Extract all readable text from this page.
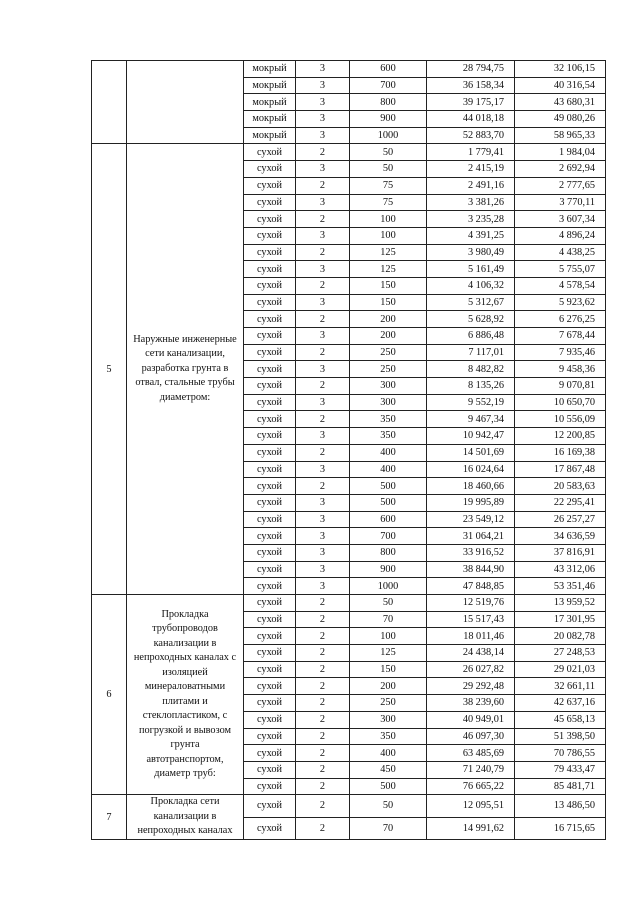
		мокрый	3	600	28 794,75	32 106,15
		мокрый	3	700	36 158,34	40 316,54
		мокрый	3	800	39 175,17	43 680,31
		мокрый	3	900	44 018,18	49 080,26
		мокрый	3	1000	52 883,70	58 965,33
5	Наружные инженерные сети канализации, разработка грунта в отвал, стальные трубы диаметром:	сухой	2	50	1 779,41	1 984,04
		сухой	3	50	2 415,19	2 692,94
		сухой	2	75	2 491,16	2 777,65
		сухой	3	75	3 381,26	3 770,11
		сухой	2	100	3 235,28	3 607,34
		сухой	3	100	4 391,25	4 896,24
		сухой	2	125	3 980,49	4 438,25
		сухой	3	125	5 161,49	5 755,07
		сухой	2	150	4 106,32	4 578,54
		сухой	3	150	5 312,67	5 923,62
		сухой	2	200	5 628,92	6 276,25
		сухой	3	200	6 886,48	7 678,44
		сухой	2	250	7 117,01	7 935,46
		сухой	3	250	8 482,82	9 458,36
		сухой	2	300	8 135,26	9 070,81
		сухой	3	300	9 552,19	10 650,70
		сухой	2	350	9 467,34	10 556,09
		сухой	3	350	10 942,47	12 200,85
		сухой	2	400	14 501,69	16 169,38
		сухой	3	400	16 024,64	17 867,48
		сухой	2	500	18 460,66	20 583,63
		сухой	3	500	19 995,89	22 295,41
		сухой	3	600	23 549,12	26 257,27
		сухой	3	700	31 064,21	34 636,59
		сухой	3	800	33 916,52	37 816,91
		сухой	3	900	38 844,90	43 312,06
		сухой	3	1000	47 848,85	53 351,46
6	Прокладка трубопроводов канализации в непроходных каналах с изоляцией минераловатными плитами и стеклопластиком, с погрузкой и вывозом грунта автотранспортом, диаметр труб:	сухой	2	50	12 519,76	13 959,52
		сухой	2	70	15 517,43	17 301,95
		сухой	2	100	18 011,46	20 082,78
		сухой	2	125	24 438,14	27 248,53
		сухой	2	150	26 027,82	29 021,03
		сухой	2	200	29 292,48	32 661,11
		сухой	2	250	38 239,60	42 637,16
		сухой	2	300	40 949,01	45 658,13
		сухой	2	350	46 097,30	51 398,50
		сухой	2	400	63 485,69	70 786,55
		сухой	2	450	71 240,79	79 433,47
		сухой	2	500	76 665,22	85 481,71
7	Прокладка сети канализации в непроходных каналах	сухой	2	50	12 095,51	13 486,50
		сухой	2	70	14 991,62	16 715,65
